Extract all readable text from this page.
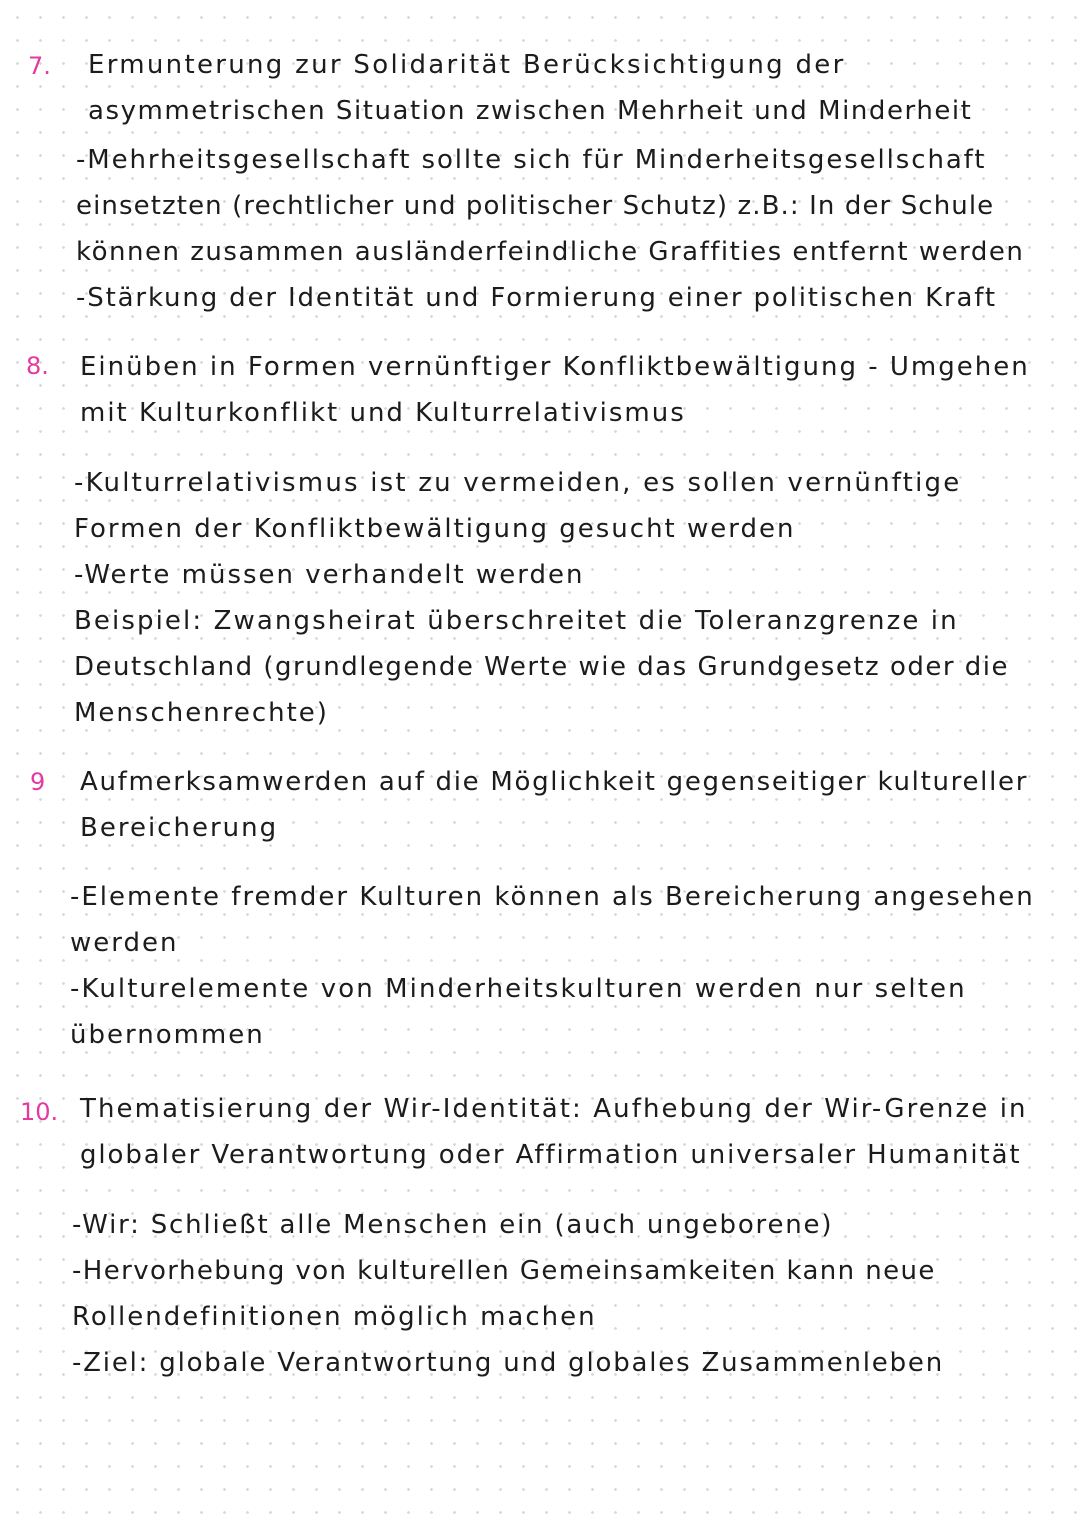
7. Ermunterung zur Solidarität Berücksichtigung der
asymmetrischen Situation zwischen Mehrheit und Minderheit
-Mehrheitsgesellschaft sollte sich für Minderheitsgesellschaft
einsetzten (rechtlicher und politischer Schutz) z.B.: In der Schule
können zusammen ausländerfeindliche Graffities entfernt werden
-Stärkung der Identität und Formierung einer politischen Kraft
8. Einüben in Formen vernünftiger Konfliktbewältigung - Umgehen
mit Kulturkonflikt und Kulturrelativismus
-Kulturrelativismus ist zu vermeiden, es sollen vernünftige
Formen der Konfliktbewältigung gesucht werden
-Werte müssen verhandelt werden
Beispiel: Zwangsheirat überschreitet die Toleranzgrenze in
Deutschland (grundlegende Werte wie das Grundgesetz oder die
Menschenrechte)
9 Aufmerksamwerden auf die Möglichkeit gegenseitiger kultureller
Bereicherung
-Elemente fremder Kulturen können als Bereicherung angesehen
werden
-Kulturelemente von Minderheitskulturen werden nur selten
übernommen
10. Thematisierung der Wir-Identität: Aufhebung der Wir-Grenze in
globaler Verantwortung oder Affirmation universaler Humanität
-Wir: Schließt alle Menschen ein (auch ungeborene)
-Hervorhebung von kulturellen Gemeinsamkeiten kann neue
Rollendefinitionen möglich machen
-Ziel: globale Verantwortung und globales Zusammenleben
